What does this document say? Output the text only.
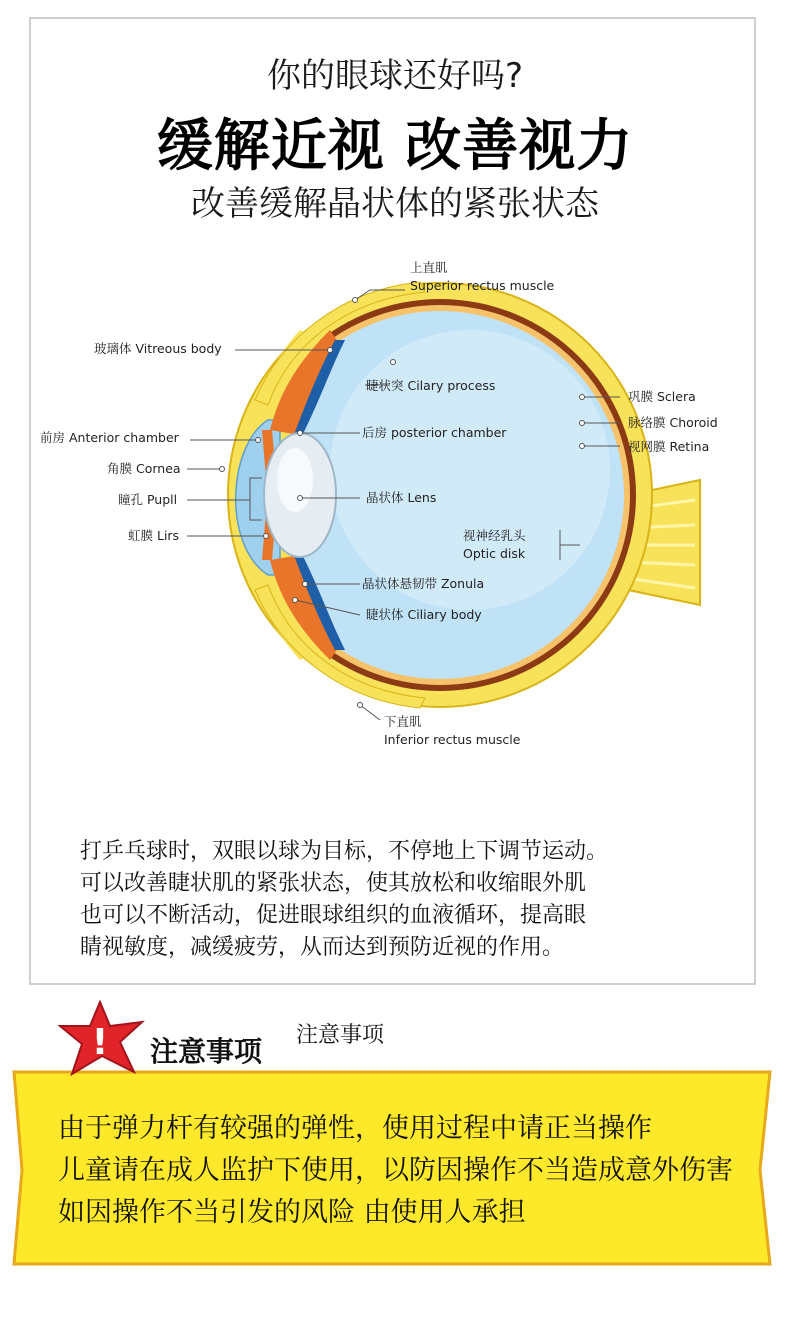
你的眼球还好吗?
缓解近视 改善视力
改善缓解晶状体的紧张状态
上直肌
Superior rectus muscle
玻璃体 Vitreous body
睫状突 Cilary process
巩膜 Sclera
脉络膜 Choroid
视网膜 Retina
前房 Anterior chamber	后房 posterior chamber
角膜 Cornea
瞳孔 Pupll	晶状体 Lens
虹膜 Lirs	视神经乳头
Optic disk
晶状体悬韧带 Zonula
睫状体 Ciliary body
下直肌
Inferior rectus muscle
打乒乓球时，双眼以球为目标，不停地上下调节运动。
可以改善睫状肌的紧张状态，使其放松和收缩眼外肌
也可以不断活动，促进眼球组织的血液循环，提高眼
睛视敏度，减缓疲劳，从而达到预防近视的作用。
! 注意事项 注意事项
由于弹力杆有较强的弹性，使用过程中请正当操作
儿童请在成人监护下使用，以防因操作不当造成意外伤害
如因操作不当引发的风险 由使用人承担
